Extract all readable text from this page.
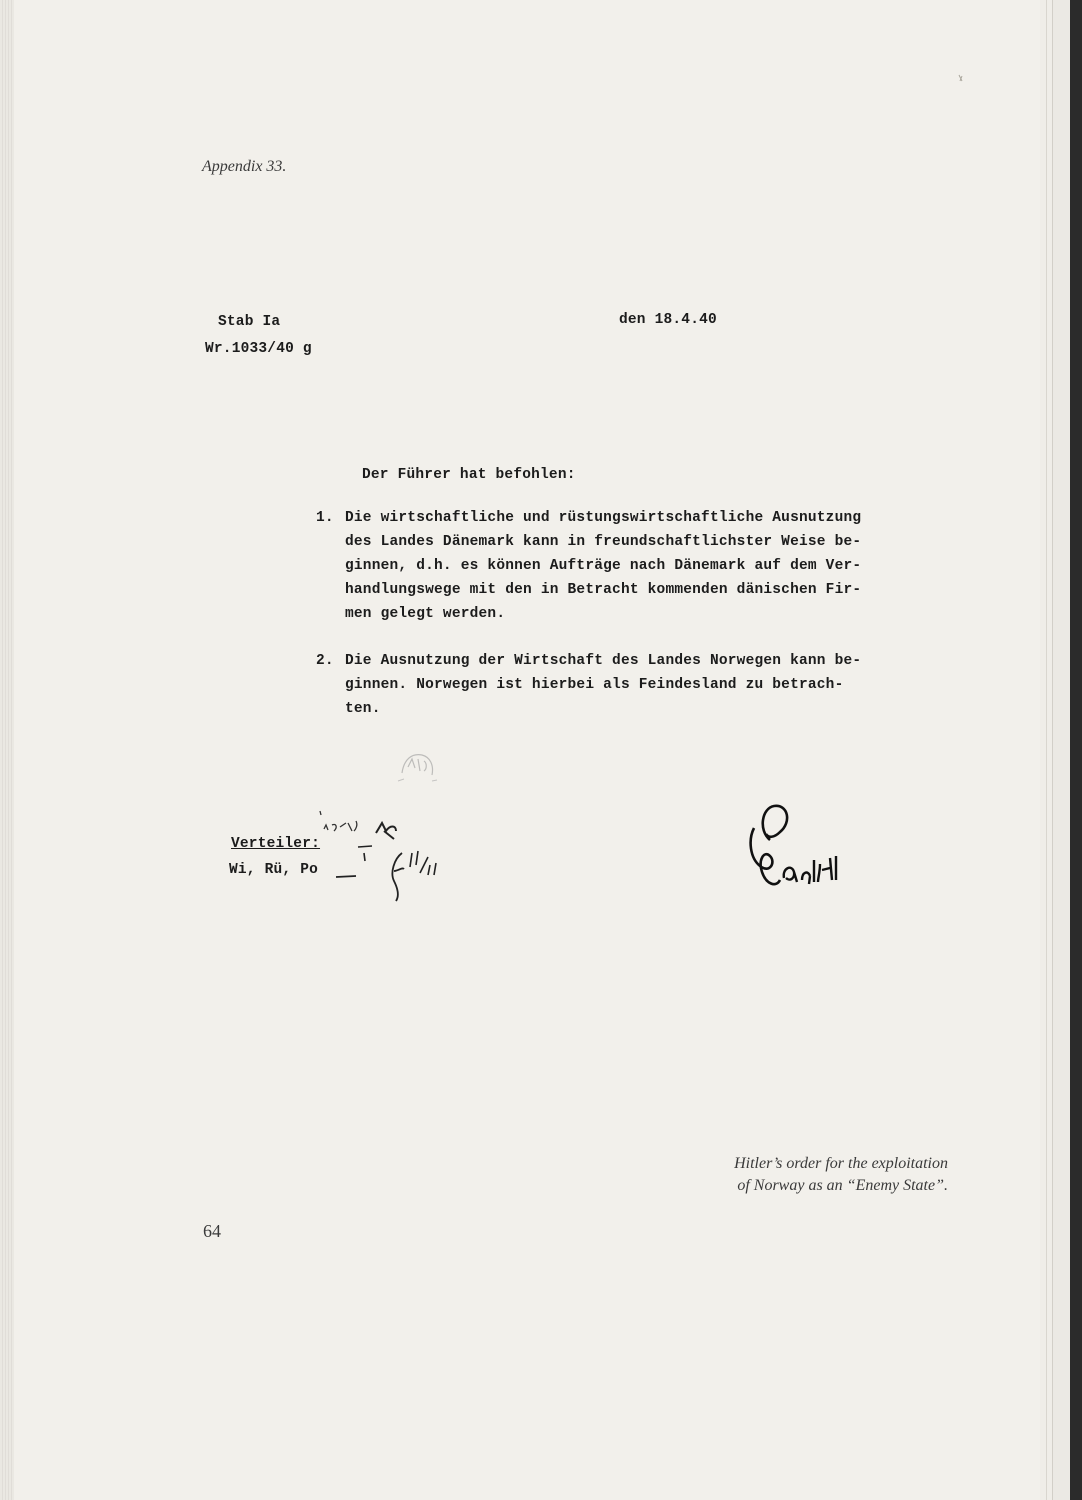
Appendix 33.
Stab Ia
Wr.1033/40 g
den 18.4.40
Der Führer hat befohlen:
1. Die wirtschaftliche und rüstungswirtschaftliche Ausnutzung
des Landes Dänemark kann in freundschaftlichster Weise be-
ginnen, d.h. es können Aufträge nach Dänemark auf dem Ver-
handlungswege mit den in Betracht kommenden dänischen Fir-
men gelegt werden.
2. Die Ausnutzung der Wirtschaft des Landes Norwegen kann be-
ginnen. Norwegen ist hierbei als Feindesland zu betrach-
ten.
Verteiler:
Wi, Rü, Po
Hitler’s order for the exploitation
of Norway as an “Enemy State”.
64
